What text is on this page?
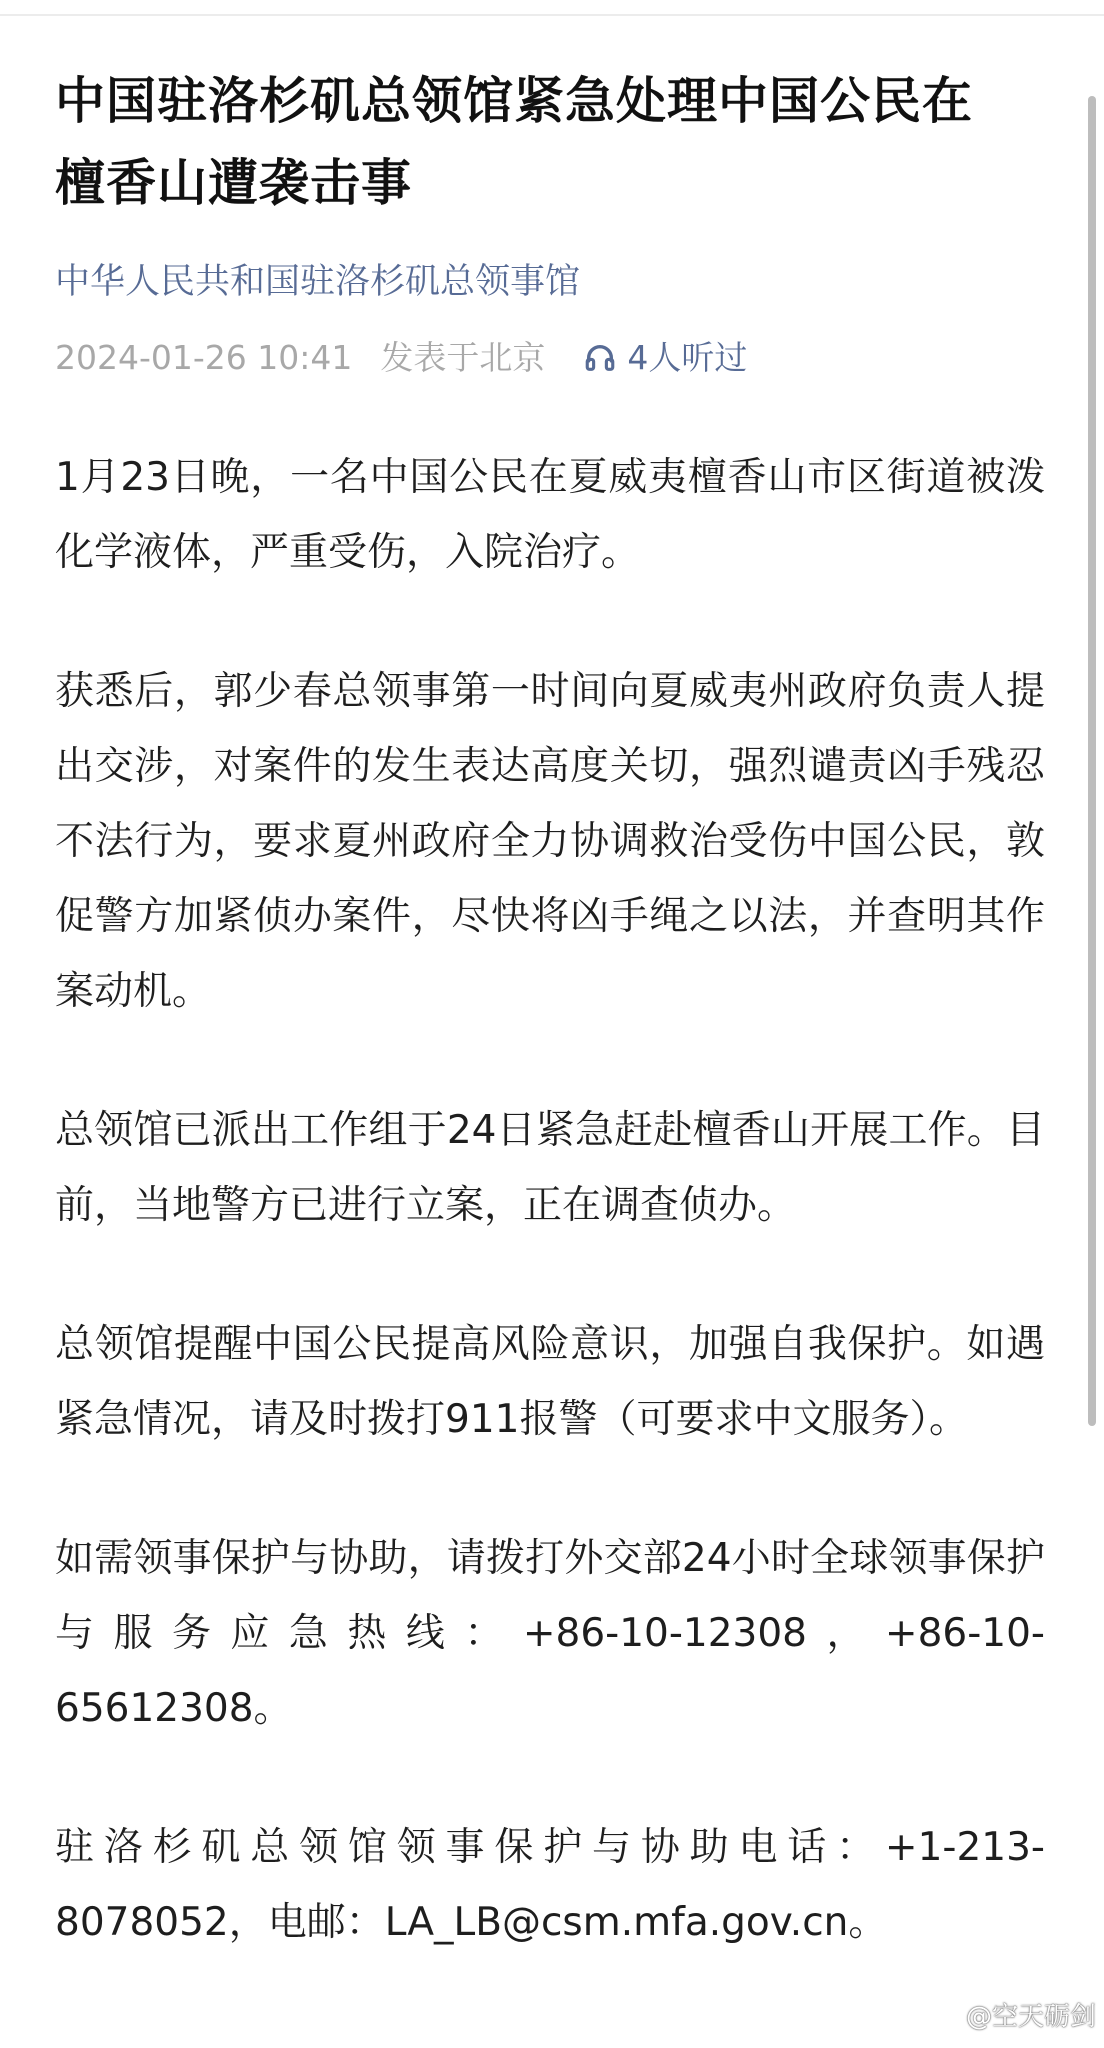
中国驻洛杉矶总领馆紧急处理中国公民在檀香山遭袭击事
中华人民共和国驻洛杉矶总领事馆
2024-01-26 10:41 发表于北京 4人听过

1月23日晚，一名中国公民在夏威夷檀香山市区街道被泼化学液体，严重受伤，入院治疗。

获悉后，郭少春总领事第一时间向夏威夷州政府负责人提出交涉，对案件的发生表达高度关切，强烈谴责凶手残忍不法行为，要求夏州政府全力协调救治受伤中国公民，敦促警方加紧侦办案件，尽快将凶手绳之以法，并查明其作案动机。

总领馆已派出工作组于24日紧急赶赴檀香山开展工作。目前，当地警方已进行立案，正在调查侦办。

总领馆提醒中国公民提高风险意识，加强自我保护。如遇紧急情况，请及时拨打911报警（可要求中文服务）。

如需领事保护与协助，请拨打外交部24小时全球领事保护与服务应急热线：+86-10-12308，+86-10-65612308。

驻洛杉矶总领馆领事保护与协助电话：+1-213-8078052，电邮：LA_LB@csm.mfa.gov.cn。

@空天砺剑
